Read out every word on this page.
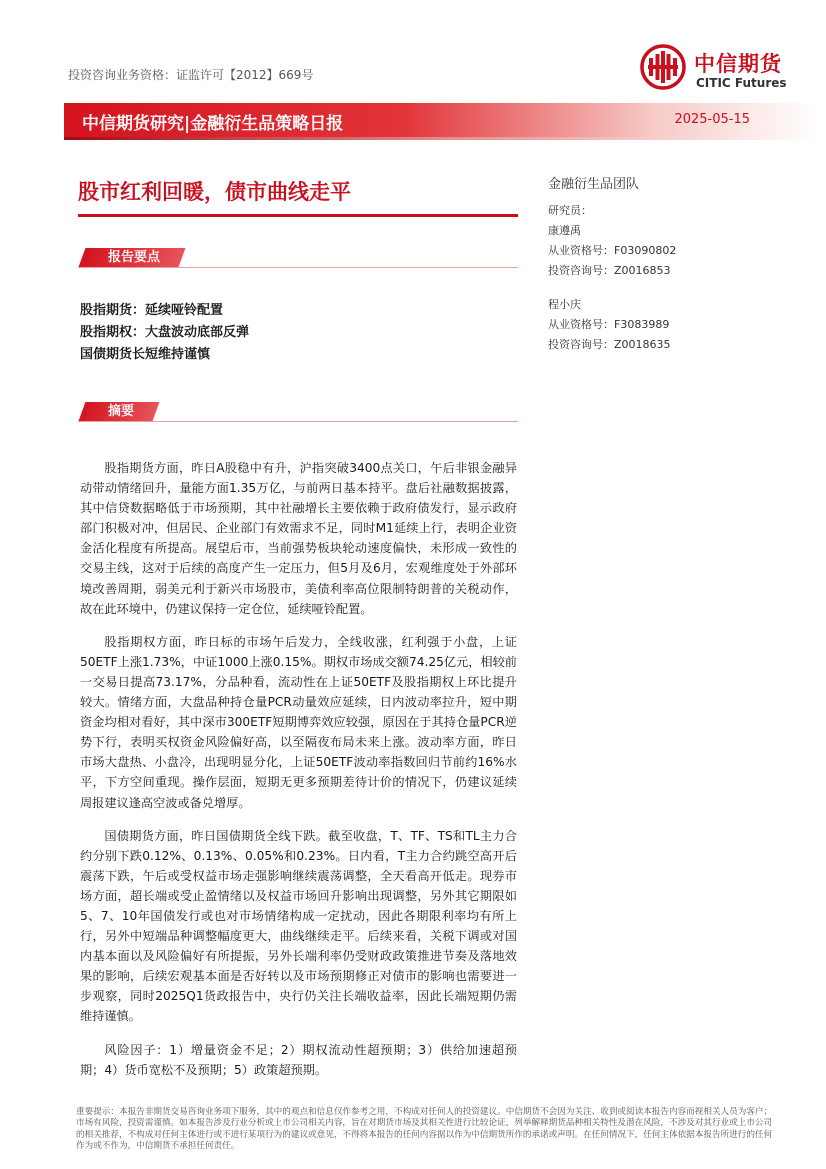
投资咨询业务资格：证监许可【2012】669号	中信期货
CITIC Futures
中信期货研究|金融衍生品策略日报	2025-05-15
股市红利回暖，债市曲线走平
报告要点
股指期货：延续哑铃配置
股指期权：大盘波动底部反弹
国债期货长短维持谨慎
摘要
金融衍生品团队
研究员：
康遵禹
从业资格号：F03090802
投资咨询号：Z0016853
程小庆
从业资格号：F3083989
投资咨询号：Z0018635

股指期货方面，昨日A股稳中有升，沪指突破3400点关口，午后非银金融异动带动情绪回升，量能方面1.35万亿，与前两日基本持平。盘后社融数据披露，其中信贷数据略低于市场预期，其中社融增长主要依赖于政府债发行，显示政府部门积极对冲，但居民、企业部门有效需求不足，同时M1延续上行，表明企业资金活化程度有所提高。展望后市，当前强势板块轮动速度偏快，未形成一致性的交易主线，这对于后续的高度产生一定压力，但5月及6月，宏观维度处于外部环境改善周期，弱美元利于新兴市场股市，美债利率高位限制特朗普的关税动作，故在此环境中，仍建议保持一定仓位，延续哑铃配置。

股指期权方面，昨日标的市场午后发力，全线收涨，红利强于小盘，上证50ETF上涨1.73%，中证1000上涨0.15%。期权市场成交额74.25亿元，相较前一交易日提高73.17%，分品种看，流动性在上证50ETF及股指期权上环比提升较大。情绪方面，大盘品种持仓量PCR动量效应延续，日内波动率拉升，短中期资金均相对看好，其中深市300ETF短期博弈效应较强，原因在于其持仓量PCR逆势下行，表明买权资金风险偏好高，以至隔夜布局未来上涨。波动率方面，昨日市场大盘热、小盘冷，出现明显分化，上证50ETF波动率指数回归节前约16%水平，下方空间重现。操作层面，短期无更多预期差待计价的情况下，仍建议延续周报建议逢高空波或备兑增厚。

国债期货方面，昨日国债期货全线下跌。截至收盘，T、TF、TS和TL主力合约分别下跌0.12%、0.13%、0.05%和0.23%。日内看，T主力合约跳空高开后震荡下跌，午后或受权益市场走强影响继续震荡调整，全天看高开低走。现券市场方面，超长端或受止盈情绪以及权益市场回升影响出现调整，另外其它期限如5、7、10年国债发行或也对市场情绪构成一定扰动，因此各期限利率均有所上行，另外中短端品种调整幅度更大，曲线继续走平。后续来看，关税下调或对国内基本面以及风险偏好有所提振，另外长端利率仍受财政政策推进节奏及落地效果的影响，后续宏观基本面是否好转以及市场预期修正对债市的影响也需要进一步观察，同时2025Q1货政报告中，央行仍关注长端收益率，因此长端短期仍需维持谨慎。

风险因子：1）增量资金不足；2）期权流动性超预期；3）供给加速超预期；4）货币宽松不及预期；5）政策超预期。

重要提示：本报告非期货交易咨询业务项下服务，其中的观点和信息仅作参考之用，不构成对任何人的投资建议。中信期货不会因为关注、收到或阅读本报告内容而视相关人员为客户；市场有风险，投资需谨慎。如本报告涉及行业分析或上市公司相关内容，旨在对期货市场及其相关性进行比较论证，列举解释期货品种相关特性及潜在风险，不涉及对其行业或上市公司的相关推荐，不构成对任何主体进行或不进行某项行为的建议或意见，不得将本报告的任何内容据以作为中信期货所作的承诺或声明。在任何情况下，任何主体依据本报告所进行的任何作为或不作为，中信期货不承担任何责任。
